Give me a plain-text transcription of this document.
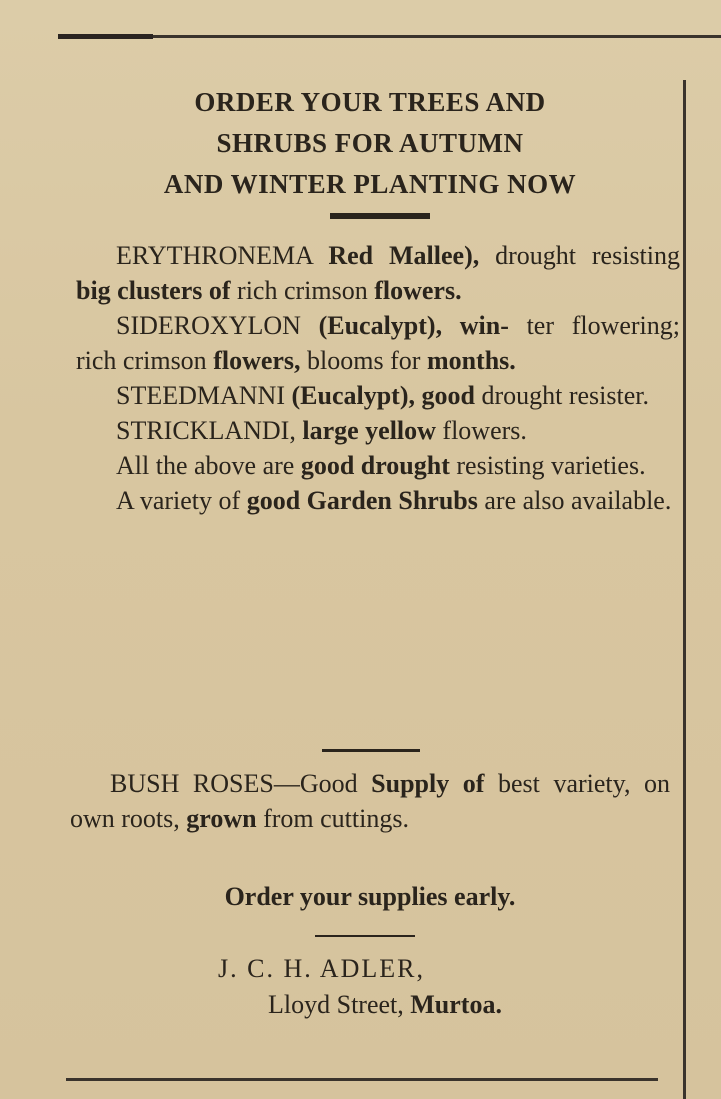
ORDER YOUR TREES AND
SHRUBS FOR AUTUMN
AND WINTER PLANTING NOW

ERYTHRONEMA Red Mallee), drought resisting big clusters of rich crimson flowers.

SIDEROXYLON (Eucalypt), win- ter flowering; rich crimson flowers, blooms for months.

STEEDMANNI (Eucalypt), good drought resister.

STRICKLANDI, large yellow flowers.

All the above are good drought resisting varieties.

A variety of good Garden Shrubs are also available.

BUSH ROSES—Good Supply of best variety, on own roots, grown from cuttings.

Order your supplies early.
J. C. H. ADLER,
Lloyd Street, Murtoa.
